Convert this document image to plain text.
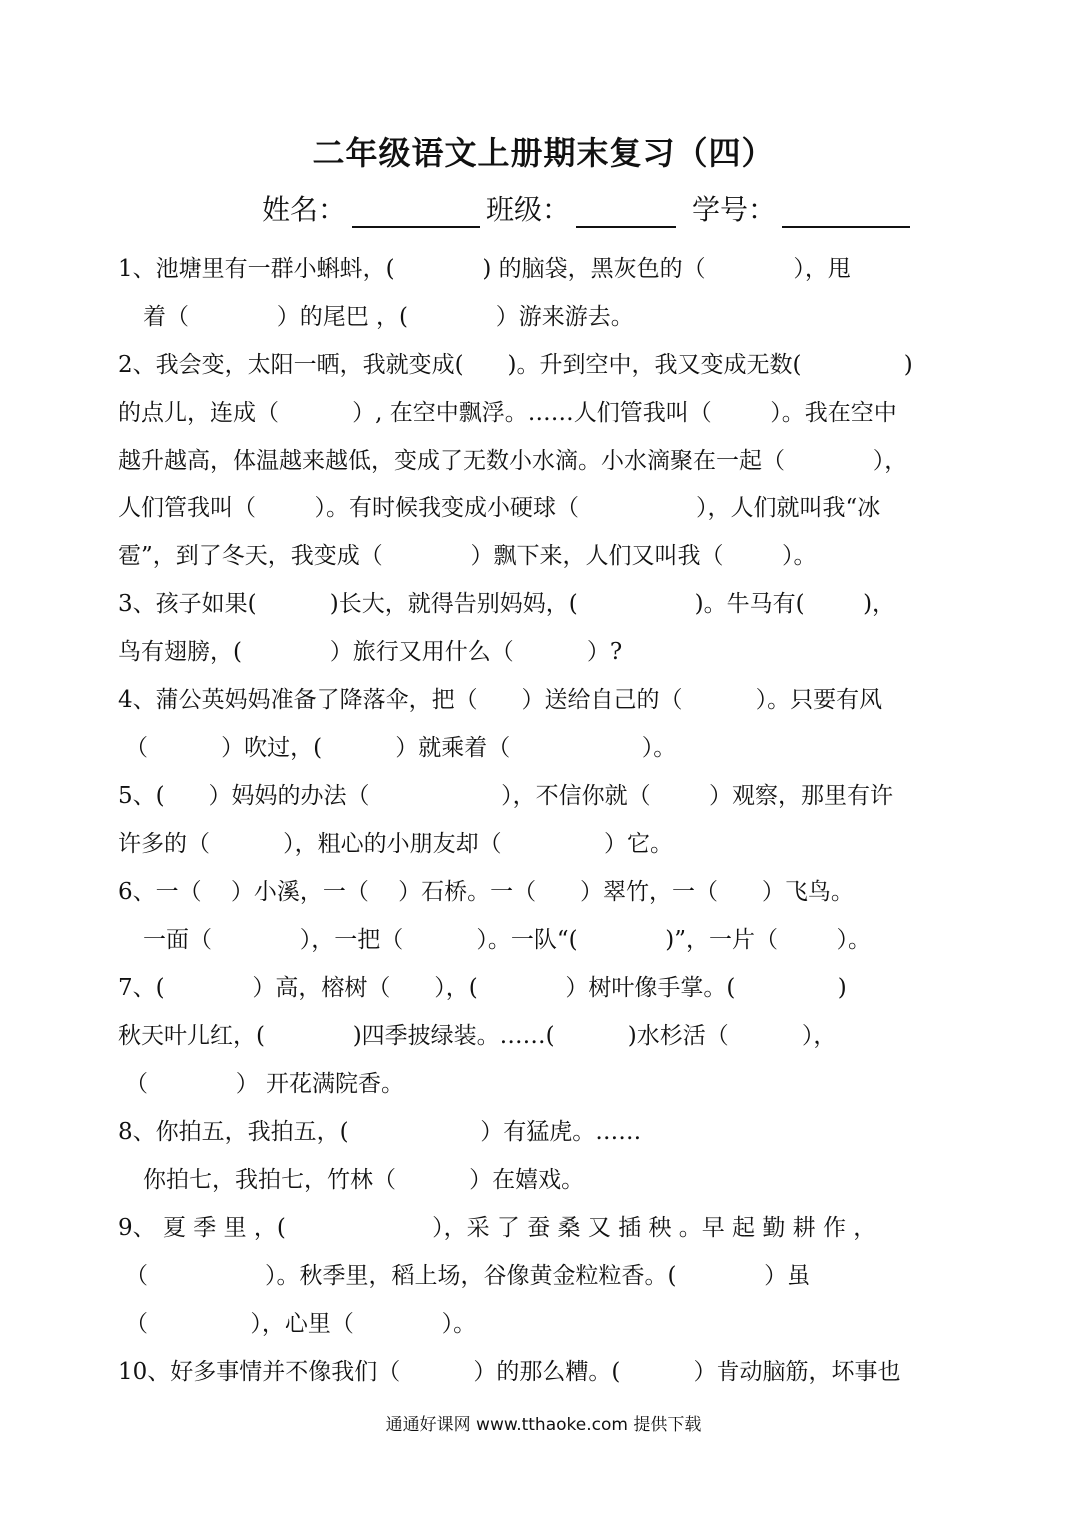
二年级语文上册期末复习（四）
姓名：	班级：	学号：
1、池塘里有一群小蝌蚪，(            ) 的脑袋，黑灰色的（            ），甩
着（            ）的尾巴 ，(            ）游来游去。
2、我会变，太阳一晒，我就变成(      )。升到空中，我又变成无数(              )
的点儿，连成（          ）, 在空中飘浮。……人们管我叫（        ）。我在空中
越升越高，体温越来越低，变成了无数小水滴。小水滴聚在一起（            ），
人们管我叫（        ）。有时候我变成小硬球（                ），人们就叫我“冰
雹”，到了冬天，我变成（            ）飘下来，人们又叫我（        ）。
3、孩子如果(          )长大，就得告别妈妈，(                )。牛马有(        )，
鸟有翅膀，(            ）旅行又用什么（          ）?
4、蒲公英妈妈准备了降落伞，把（      ）送给自己的（          ）。只要有风
（          ）吹过，(          ）就乘着（                  ）。
5、(      ）妈妈的办法（                  ），不信你就（        ）观察，那里有许
许多的（          ），粗心的小朋友却（              ）它。
6、一（    ）小溪，一（    ）石桥。一（      ）翠竹，一（      ）飞鸟。
一面（            ），一把（          ）。一队“(            )”，一片（        ）。
7、(            ）高，榕树（      ），(            ）树叶像手掌。(              )
秋天叶儿红，(            )四季披绿装。……(          )水杉活（          ），
（            ） 开花满院香。
8、你拍五，我拍五，(                  ）有猛虎。……
你拍七，我拍七，竹林（          ）在嬉戏。
9、 夏 季 里 ，(                    ），采 了 蚕 桑 又 插 秧 。早 起 勤 耕 作 ，
（                ）。秋季里，稻上场，谷像黄金粒粒香。(            ）虽
（              ），心里（            ）。
10、好多事情并不像我们（          ）的那么糟。(          ）肯动脑筋，坏事也
通通好课网 www.tthaoke.com 提供下载
